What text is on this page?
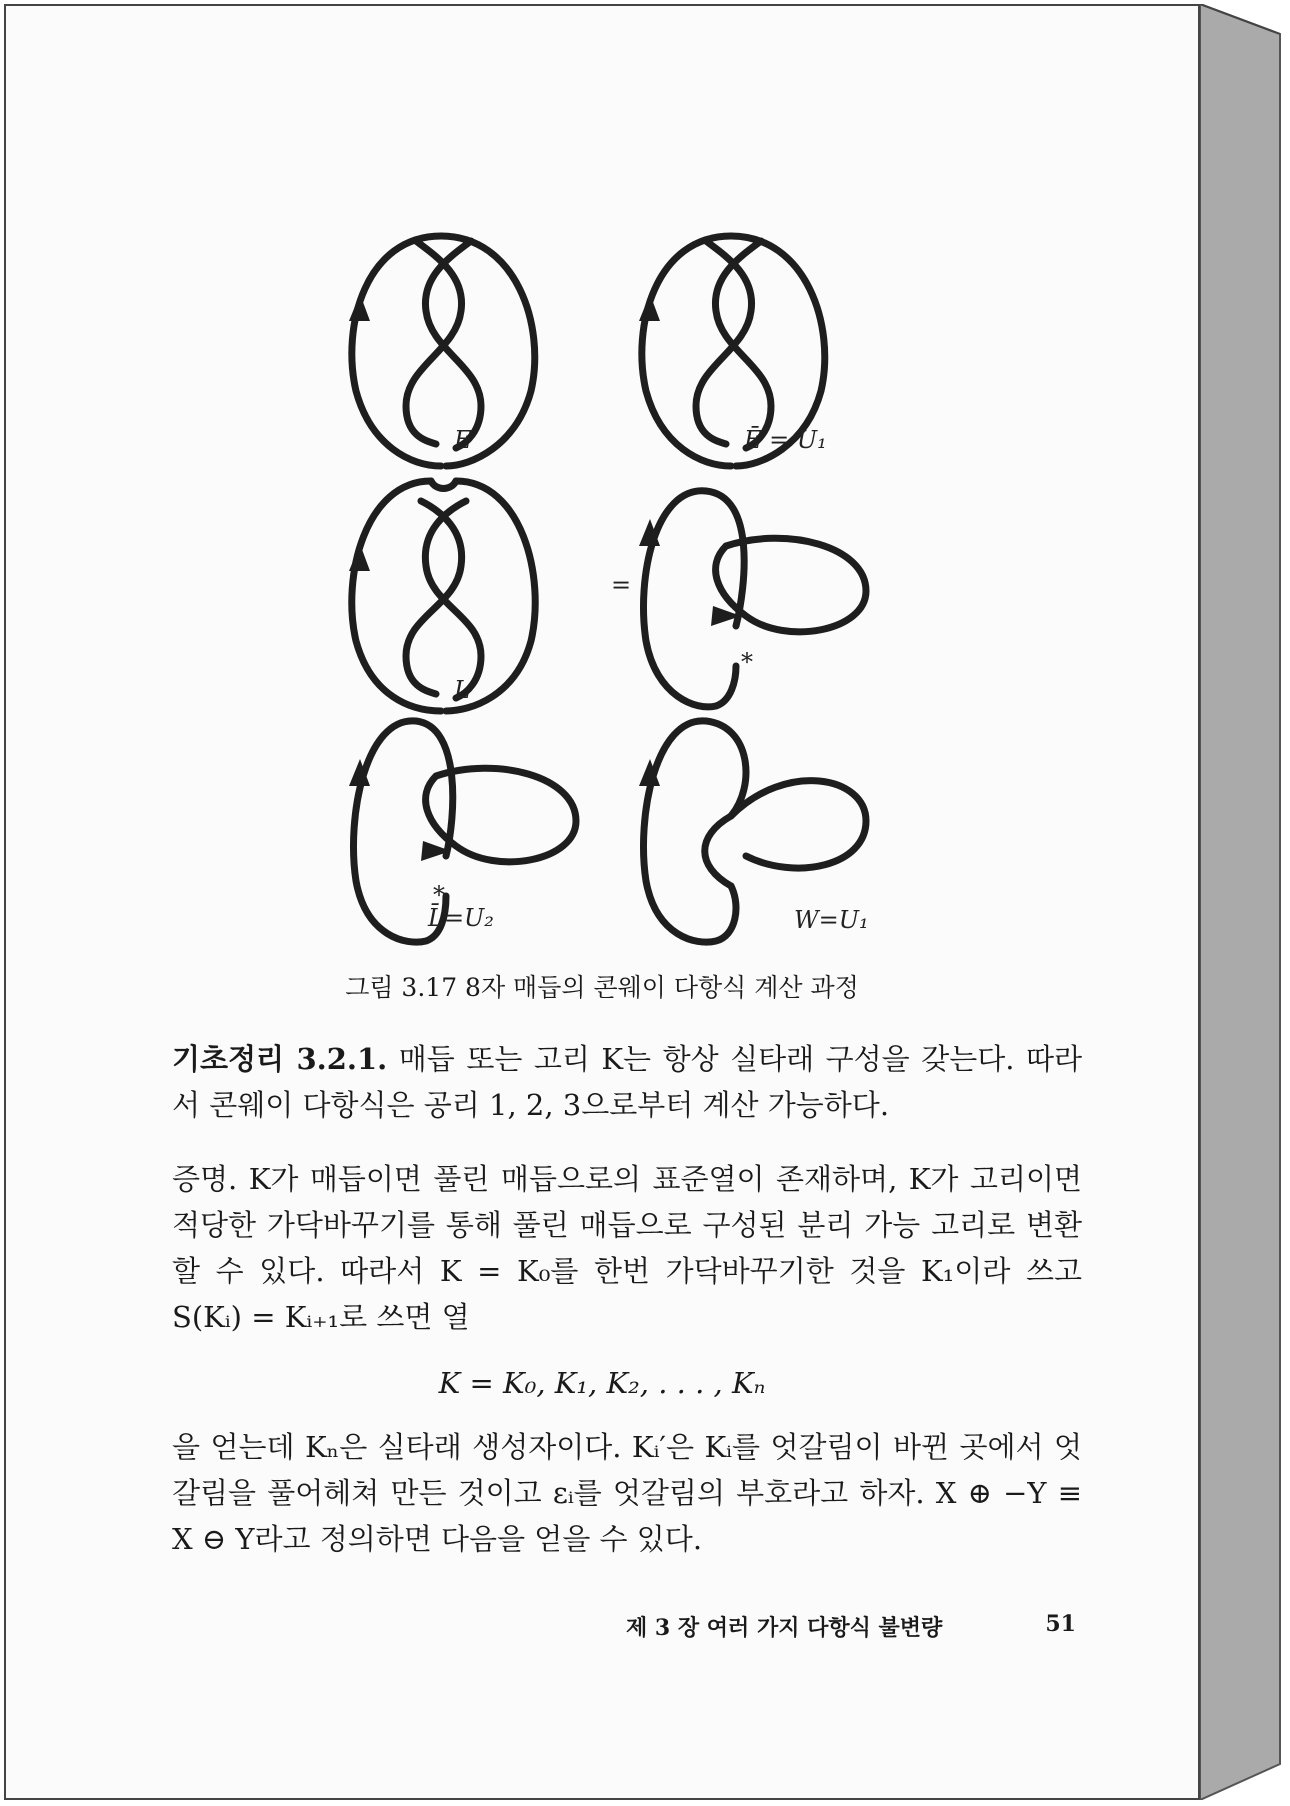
E	Ē = U₁
L
=
*
*
L̄=U₂	W=U₁
그림 3.17 8자 매듭의 콘웨이 다항식 계산 과정
기초정리 3.2.1. 매듭 또는 고리 K는 항상 실타래 구성을 갖는다. 따라서 콘웨이 다항식은 공리 1, 2, 3으로부터 계산 가능하다.
증명. K가 매듭이면 풀린 매듭으로의 표준열이 존재하며, K가 고리이면 적당한 가닥바꾸기를 통해 풀린 매듭으로 구성된 분리 가능 고리로 변환할 수 있다. 따라서 K = K₀를 한번 가닥바꾸기한 것을 K₁이라 쓰고 S(Kᵢ) = Kᵢ₊₁로 쓰면 열
K = K₀, K₁, K₂, . . . , Kₙ
을 얻는데 Kₙ은 실타래 생성자이다. Kᵢ′은 Kᵢ를 엇갈림이 바뀐 곳에서 엇갈림을 풀어헤쳐 만든 것이고 εᵢ를 엇갈림의 부호라고 하자. X ⊕ −Y ≡ X ⊖ Y라고 정의하면 다음을 얻을 수 있다.
제 3 장 여러 가지 다항식 불변량	51
